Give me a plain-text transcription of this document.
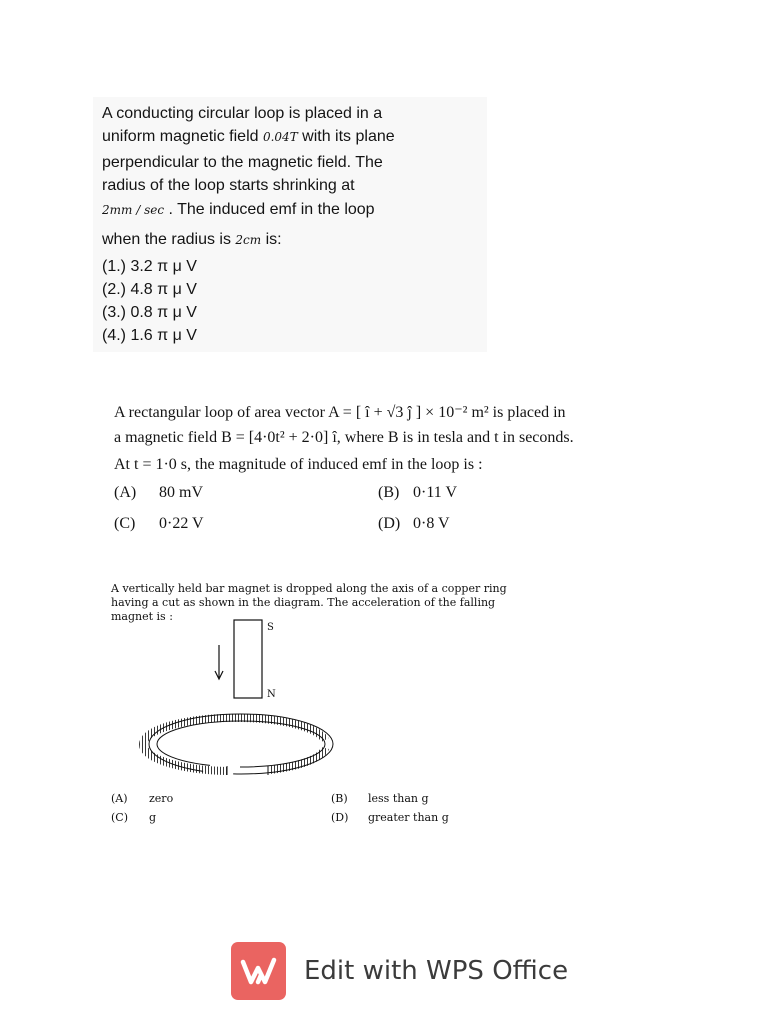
A conducting circular loop is placed in a
uniform magnetic field 0.04T with its plane
perpendicular to the magnetic field. The
radius of the loop starts shrinking at
2mm / sec . The induced emf in the loop
when the radius is 2cm is:
(1.) 3.2 π μ V
(2.) 4.8 π μ V
(3.) 0.8 π μ V
(4.) 1.6 π μ V
A rectangular loop of area vector A = [ î + √3 ĵ ] × 10⁻² m² is placed in
a magnetic field B = [4·0t² + 2·0] î, where B is in tesla and t in seconds.
At t = 1·0 s, the magnitude of induced emf in the loop is :
(A) 80 mV	(B) 0·11 V
(C) 0·22 V	(D) 0·8 V
A vertically held bar magnet is dropped along the axis of a copper ring
having a cut as shown in the diagram. The acceleration of the falling
magnet is :
S
N
(A) zero	(B) less than g
(C) g	(D) greater than g
Edit with WPS Office
